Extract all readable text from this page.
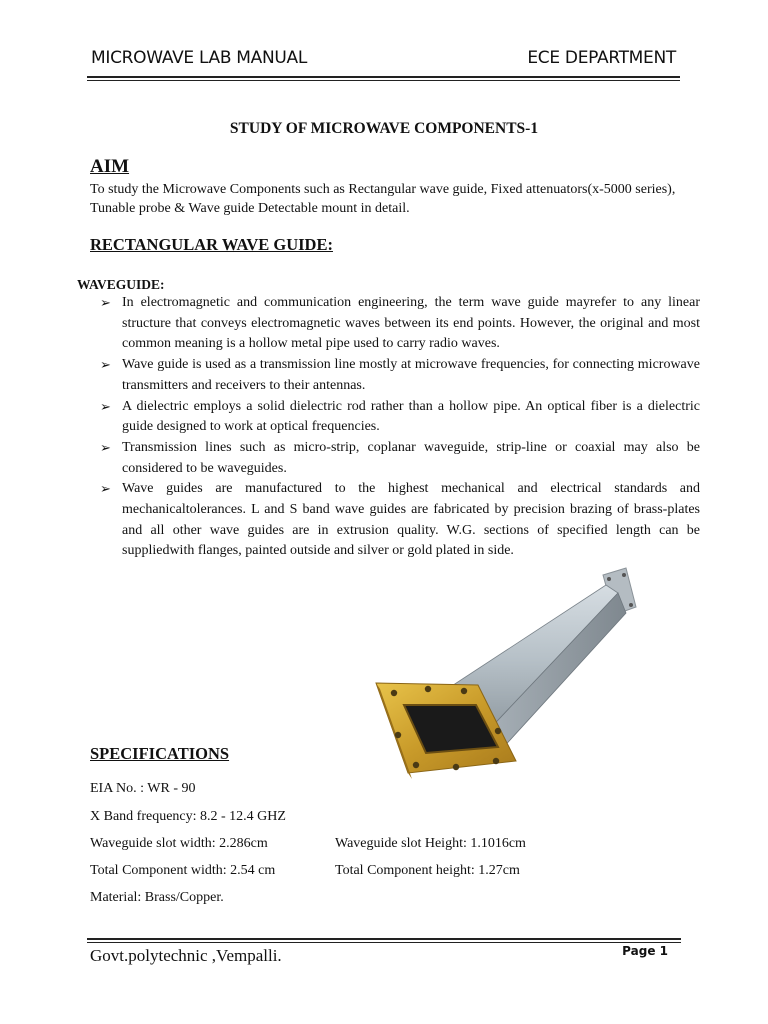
MICROWAVE LAB MANUAL	ECE DEPARTMENT
STUDY OF MICROWAVE COMPONENTS-1
AIM
To study the Microwave Components such as Rectangular wave guide, Fixed attenuators(x-5000 series), Tunable probe & Wave guide Detectable mount in detail.
RECTANGULAR WAVE GUIDE:
WAVEGUIDE:
➢ In electromagnetic and communication engineering, the term wave guide mayrefer to any linear structure that conveys electromagnetic waves between its end points. However, the original and most common meaning is a hollow metal pipe used to carry radio waves.
➢ Wave guide is used as a transmission line mostly at microwave frequencies, for connecting microwave transmitters and receivers to their antennas.
➢ A dielectric employs a solid dielectric rod rather than a hollow pipe. An optical fiber is a dielectric guide designed to work at optical frequencies.
➢ Transmission lines such as micro-strip, coplanar waveguide, strip-line or coaxial may also be considered to be waveguides.
➢ Wave guides are manufactured to the highest mechanical and electrical standards and mechanicaltolerances. L and S band wave guides are fabricated by precision brazing of brass-plates and all other wave guides are in extrusion quality. W.G. sections of specified length can be suppliedwith flanges, painted outside and silver or gold plated in side.
SPECIFICATIONS
EIA No. : WR - 90
X Band frequency: 8.2 - 12.4 GHZ
Waveguide slot width: 2.286cm	Waveguide slot Height: 1.1016cm
Total Component width: 2.54 cm	Total Component height: 1.27cm
Material: Brass/Copper.
Govt.polytechnic ,Vempalli.	Page 1
